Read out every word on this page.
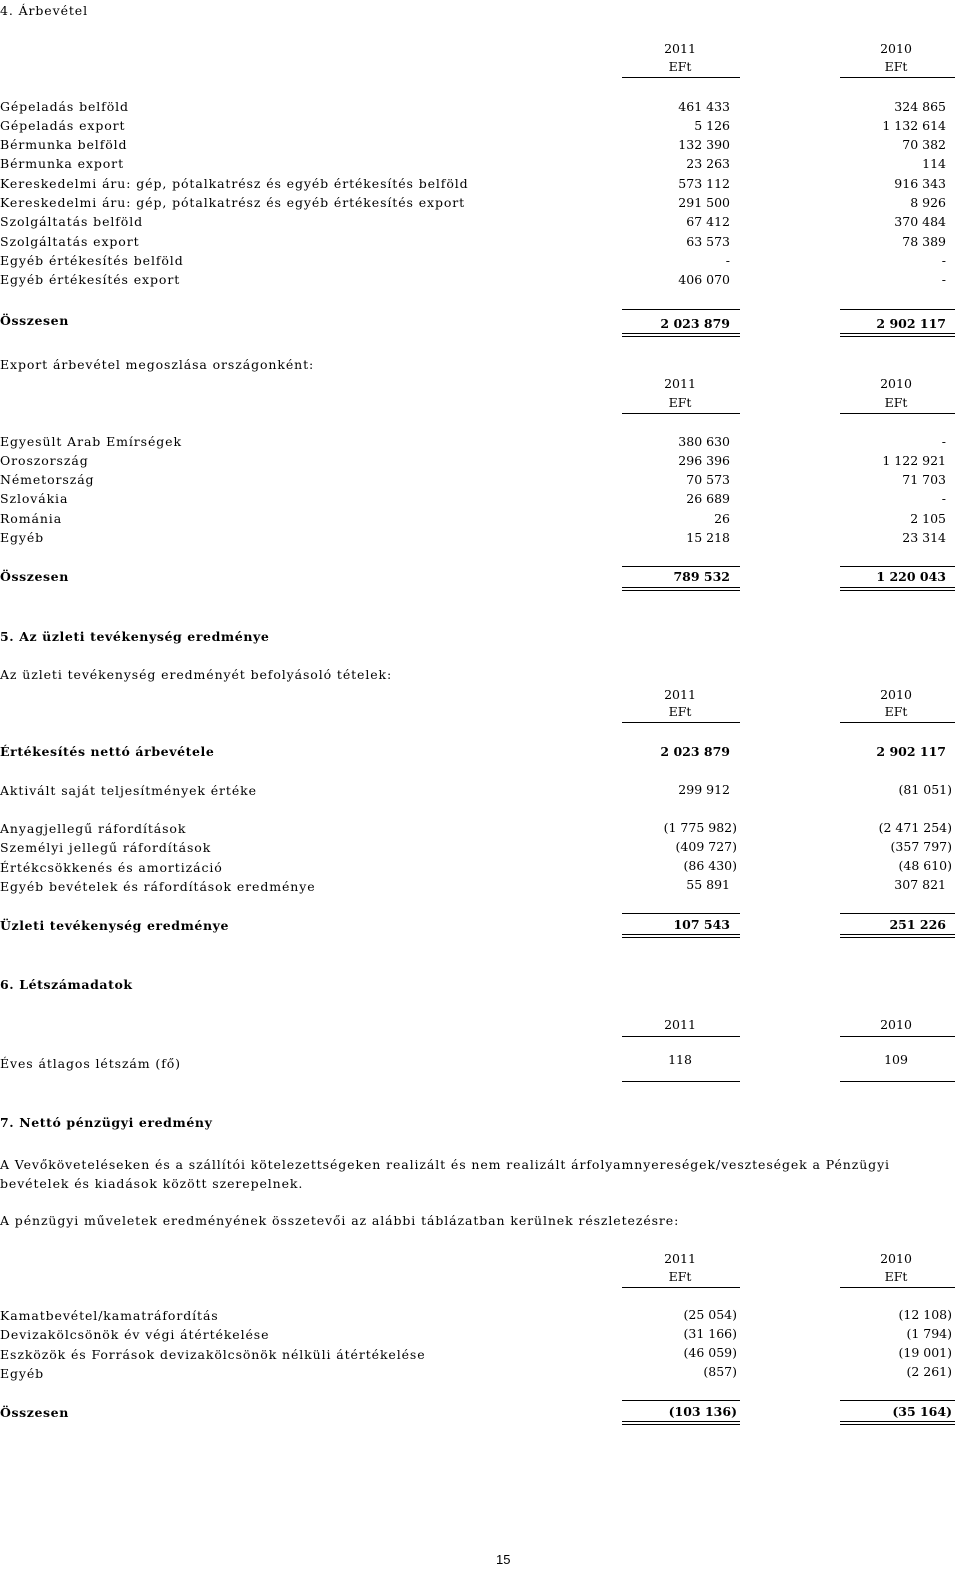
4. Árbevétel
2011	2010
EFt	EFt
Gépeladás belföld	461 433	324 865
Gépeladás export	5 126	1 132 614
Bérmunka belföld	132 390	70 382
Bérmunka export	23 263	114
Kereskedelmi áru: gép, pótalkatrész és egyéb értékesítés belföld	573 112	916 343
Kereskedelmi áru: gép, pótalkatrész és egyéb értékesítés export	291 500	8 926
Szolgáltatás belföld	67 412	370 484
Szolgáltatás export	63 573	78 389
Egyéb értékesítés belföld	-	-
Egyéb értékesítés export	406 070	-
Összesen	2 023 879	2 902 117
Export árbevétel megoszlása országonként:
2011	2010
EFt	EFt
Egyesült Arab Emírségek	380 630	-
Oroszország	296 396	1 122 921
Németország	70 573	71 703
Szlovákia	26 689	-
Románia	26	2 105
Egyéb	15 218	23 314
Összesen	789 532	1 220 043
5. Az üzleti tevékenység eredménye
Az üzleti tevékenység eredményét befolyásoló tételek:
2011	2010
EFt	EFt
Értékesítés nettó árbevétele	2 023 879	2 902 117
Aktivált saját teljesítmények értéke	299 912	(81 051)
Anyagjellegű ráfordítások	(1 775 982)	(2 471 254)
Személyi jellegű ráfordítások	(409 727)	(357 797)
Értékcsökkenés és amortizáció	(86 430)	(48 610)
Egyéb bevételek és ráfordítások eredménye	55 891	307 821
Üzleti tevékenység eredménye	107 543	251 226
6. Létszámadatok
2011	2010
Éves átlagos létszám (fő)	118	109
7. Nettó pénzügyi eredmény
A Vevőköveteléseken és a szállítói kötelezettségeken realizált és nem realizált árfolyamnyereségek/veszteségek a Pénzügyi bevételek és kiadások között szerepelnek.
A pénzügyi műveletek eredményének összetevői az alábbi táblázatban kerülnek részletezésre:
2011	2010
EFt	EFt
Kamatbevétel/kamatráfordítás	(25 054)	(12 108)
Devizakölcsönök év végi átértékelése	(31 166)	(1 794)
Eszközök és Források devizakölcsönök nélküli átértékelése	(46 059)	(19 001)
Egyéb	(857)	(2 261)
Összesen	(103 136)	(35 164)
15
